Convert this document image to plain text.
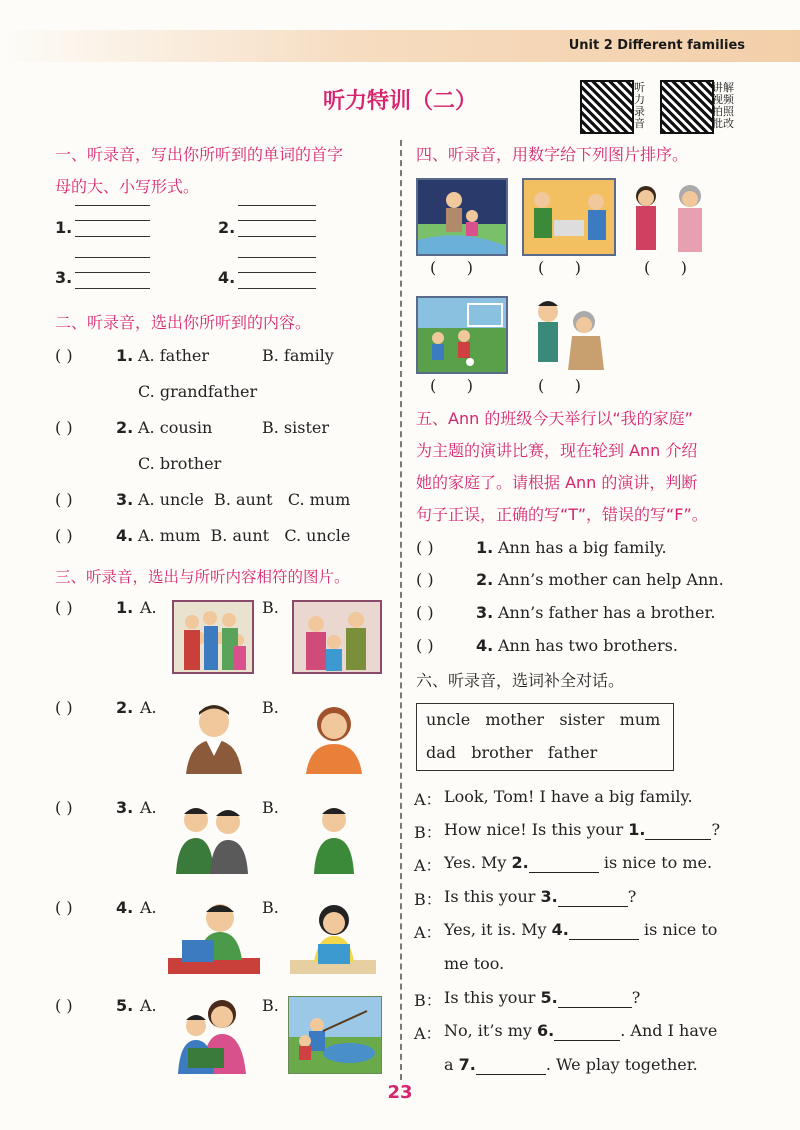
Unit 2 Different families
听力特训（二）
听力录音
讲解视频 拍照批改
一、听录音，写出你所听到的单词的首字
母的大、小写形式。
1.	2.
3.	4.
二、听录音，选出你所听到的内容。
( )	1. A. father	B. family
C. grandfather
( )	2. A. cousin	B. sister
C. brother
( )	3. A. uncle  B. aunt   C. mum
( )	4. A. mum  B. aunt   C. uncle
三、听录音，选出与所听内容相符的图片。
( )	1. A.	B.
( )	2. A.	B.
( )	3. A.	B.
( )	4. A.	B.
( )	5. A.	B.
四、听录音，用数字给下列图片排序。
(      )	(      )	(      )
(      )	(      )
五、Ann 的班级今天举行以“我的家庭”
为主题的演讲比赛，现在轮到 Ann 介绍
她的家庭了。请根据 Ann 的演讲，判断
句子正误，正确的写“T”，错误的写“F”。
( )	1. Ann has a big family.
( )	2. Ann’s mother can help Ann.
( )	3. Ann’s father has a brother.
( )	4. Ann has two brothers.
六、听录音，选词补全对话。
uncle   mother   sister   mum
dad   brother   father
A： Look, Tom! I have a big family.
B： How nice! Is this your 1.	?
A： Yes. My 2.	is nice to me.
B： Is this your 3.	?
A： Yes, it is. My 4.	is nice to
me too.
B： Is this your 5.	?
A： No, it’s my 6.	. And I have
a 7.	. We play together.
23
